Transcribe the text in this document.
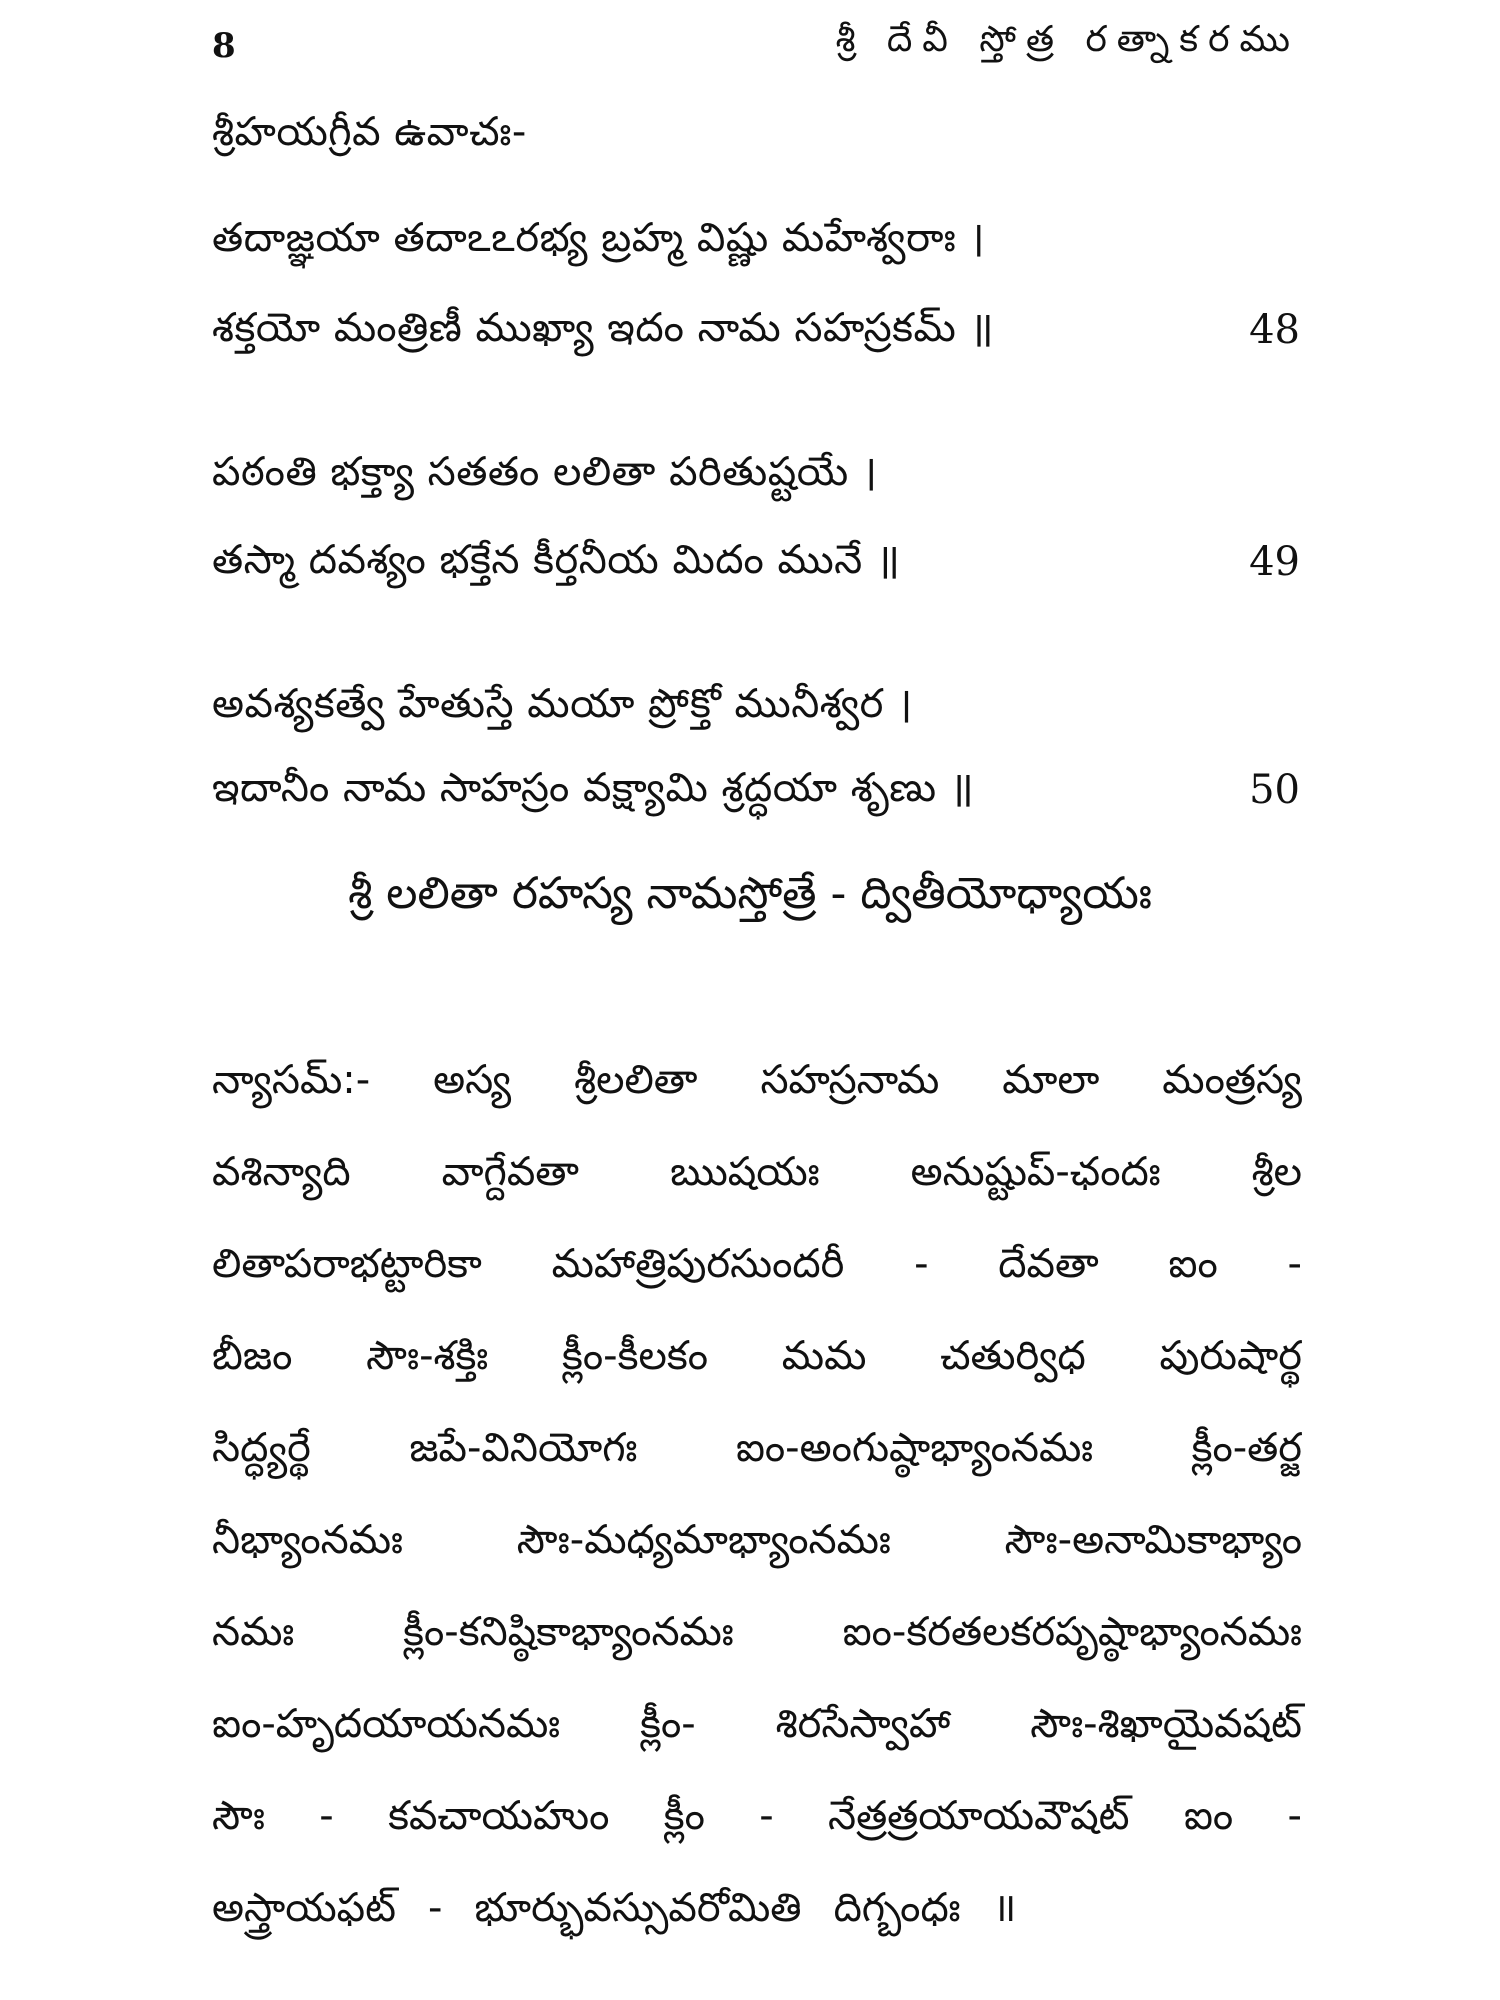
8	శ్రీ దేవీ స్తోత్ర రత్నాకరము
శ్రీహయగ్రీవ ఉవాచః-
తదాజ్ఞయా తదాఽఽరభ్య బ్రహ్మ విష్ణు మహేశ్వరాః ।
శక్తయో మంత్రిణీ ముఖ్యా ఇదం నామ సహస్రకమ్ ॥	48
పఠంతి భక్త్యా సతతం లలితా పరితుష్టయే ।
తస్మా దవశ్యం భక్తేన కీర్తనీయ మిదం మునే ॥	49
అవశ్యకత్వే హేతుస్తే మయా ప్రోక్తో మునీశ్వర ।
ఇదానీం నామ సాహస్రం వక్ష్యామి శ్రద్ధయా శృణు ॥	50
శ్రీ లలితా రహస్య నామస్తోత్రే - ద్వితీయోధ్యాయః
న్యాసమ్:- అస్య శ్రీలలితా సహస్రనామ మాలా మంత్రస్య
వశిన్యాది వాగ్దేవతా ఋషయః అనుష్టుప్-ఛందః శ్రీల
లితాపరాభట్టారికా మహాత్రిపురసుందరీ - దేవతా ఐం -
బీజం సౌః-శక్తిః క్లీం-కీలకం మమ చతుర్విధ పురుషార్థ
సిద్ధ్యర్థే జపే-వినియోగః ఐం-అంగుష్ఠాభ్యాంనమః క్లీం-తర్జ
నీభ్యాంనమః	సౌః-మధ్యమాభ్యాంనమః	సౌః-అనామికాభ్యాం
నమః	క్లీం-కనిష్ఠికాభ్యాంనమః	ఐం-కరతలకరపృష్ఠాభ్యాంనమః
ఐం-హృదయాయనమః క్లీం- శిరసేస్వాహా సౌః-శిఖాయైవషట్
సౌః - కవచాయహుం క్లీం - నేత్రత్రయాయవౌషట్ ఐం -
అస్త్రాయఫట్ - భూర్భువస్సువరోమితి దిగ్బంధః ॥
